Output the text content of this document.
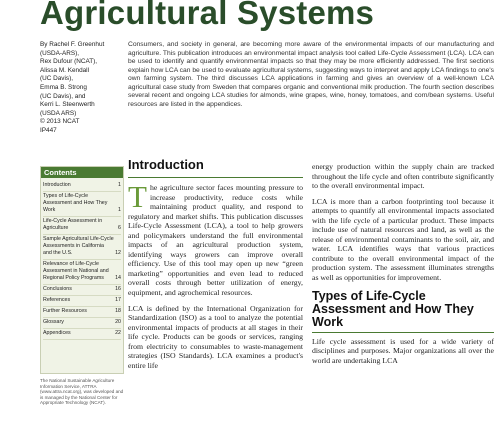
Agricultural Systems
By Rachel F. Greenhut
(USDA-ARS),
Rex Dufour (NCAT),
Alissa M. Kendall
(UC Davis),
Emma B. Strong
(UC Davis), and
Kerri L. Steenwerth
(USDA ARS)
© 2013 NCAT
IP447
Consumers, and society in general, are becoming more aware of the environmental impacts of our manufacturing and agriculture. This publication introduces an environmental impact analysis tool called Life-Cycle Assessment (LCA). LCA can be used to identify and quantify environmental impacts so that they may be more efficiently addressed. The first sections explain how LCA can be used to evaluate agricultural systems, suggesting ways to interpret and apply LCA findings to one's own farming system. The third discusses LCA applications in farming and gives an overview of a well-known LCA agricultural case study from Sweden that compares organic and conventional milk production. The fourth section describes several recent and ongoing LCA studies for almonds, wine grapes, wine, honey, tomatoes, and corn/bean systems. Useful resources are listed in the appendices.
Contents
Introduction	1
Types of Life-Cycle Assessment and How They Work	1
Life-Cycle Assessment in Agriculture	6
Sample Agricultural Life-Cycle Assessments in California and the U.S.	12
Relevance of Life-Cycle Assessment in National and Regional Policy Programs	14
Conclusions	16
References	17
Further Resources	18
Glossary	20
Appendices	22
The National Sustainable Agriculture Information Service, ATTRA (www.attra.ncat.org), was developed and is managed by the National Center for Appropriate Technology (NCAT).
Introduction

The agriculture sector faces mounting pressure to increase productivity, reduce costs while maintaining product quality, and respond to regulatory and market shifts. This publication discusses Life-Cycle Assessment (LCA), a tool to help growers and policymakers understand the full environmental impacts of an agricultural production system, identifying ways growers can improve overall efficiency. Use of this tool may open up new “green marketing” opportunities and even lead to reduced overall costs through better utilization of energy, equipment, and agrochemical resources.

LCA is defined by the International Organization for Standardization (ISO) as a tool to analyze the potential environmental impacts of products at all stages in their life cycle. Products can be goods or services, ranging from electricity to consumables to waste-management strategies (ISO Standards). LCA examines a product's entire life

energy production within the supply chain are tracked throughout the life cycle and often contribute significantly to the overall environmental impact.

LCA is more than a carbon footprinting tool because it attempts to quantify all environmental impacts associated with the life cycle of a particular product. These impacts include use of natural resources and land, as well as the release of environmental contaminants to the soil, air, and water. LCA identifies ways that various practices contribute to the overall environmental impact of the production system. The assessment illuminates strengths as well as opportunities for improvement.

Types of Life-Cycle Assessment and How They Work

Life cycle assessment is used for a wide variety of disciplines and purposes. Major organizations all over the world are undertaking LCA
